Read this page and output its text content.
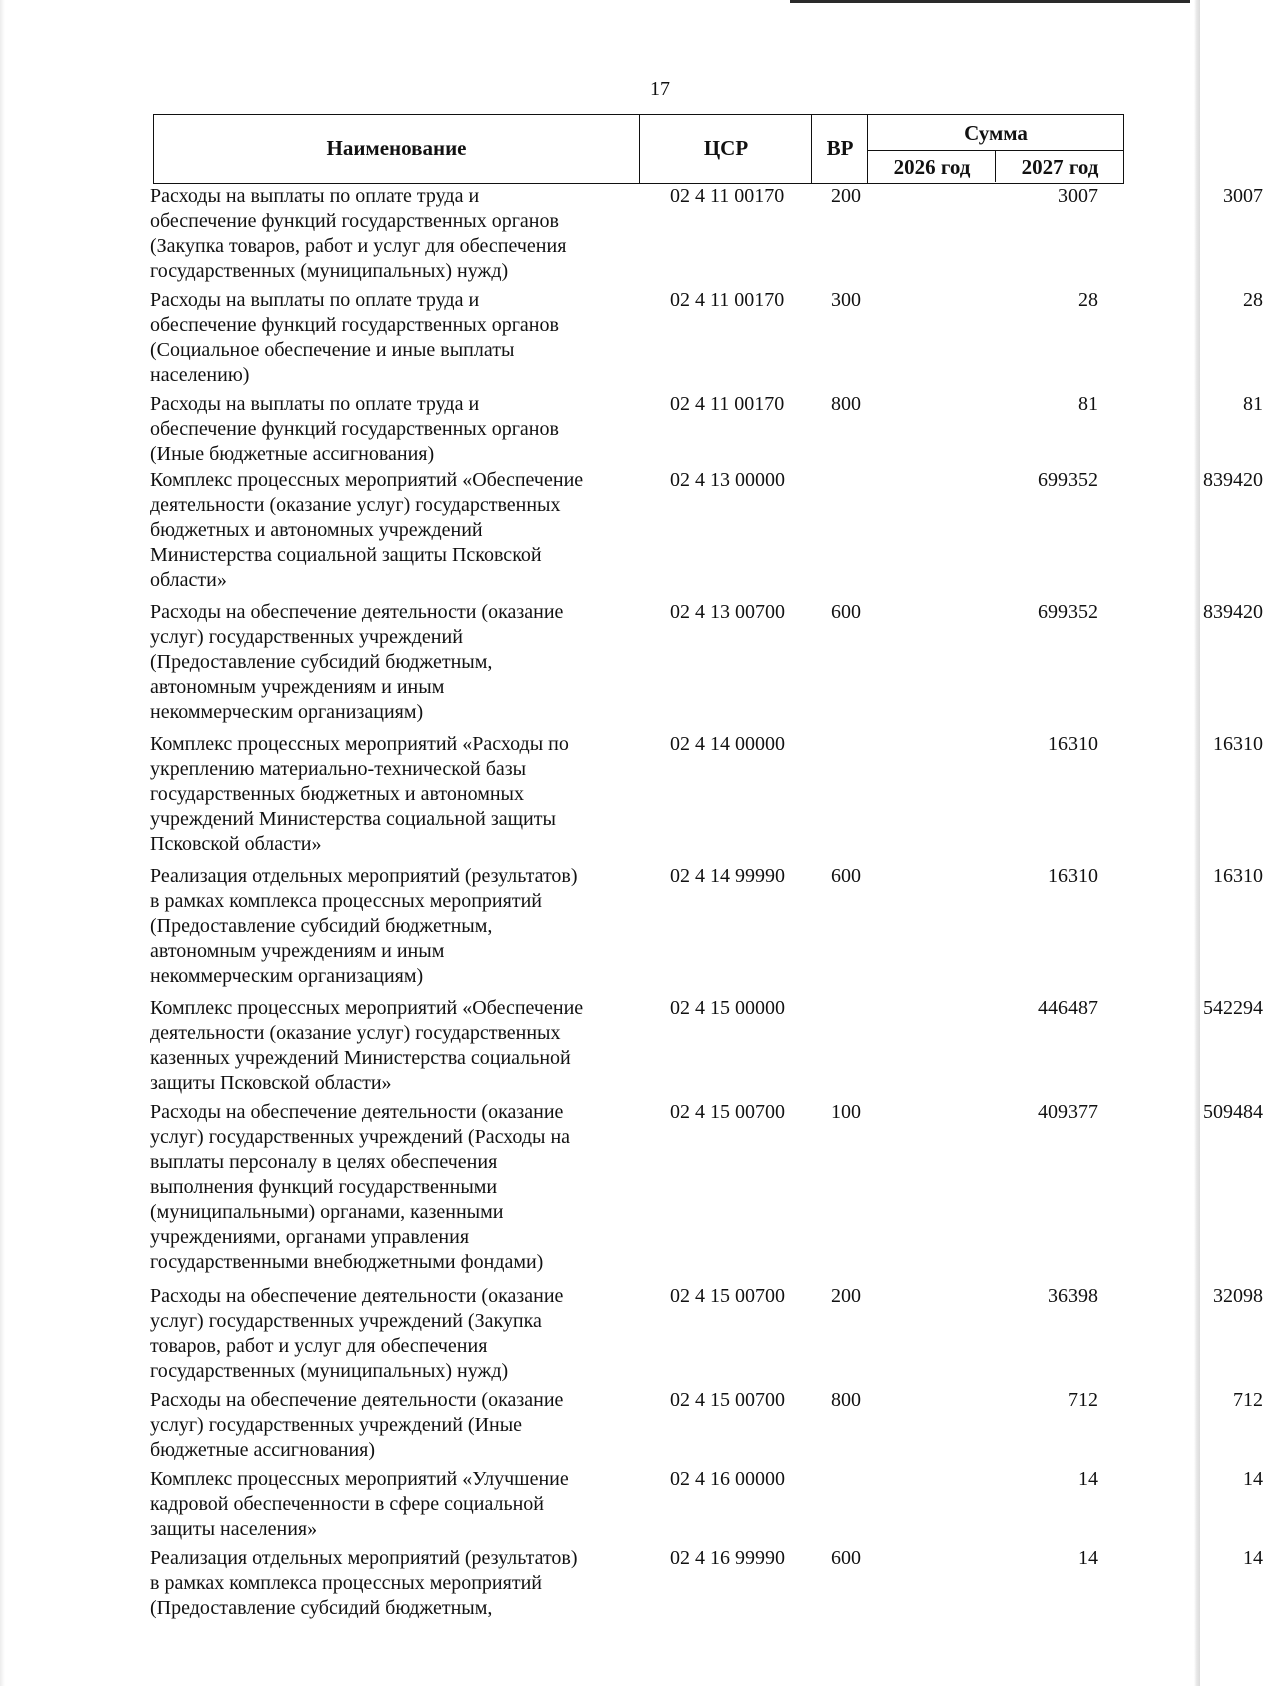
17
Наименование	ЦСР	ВР
Сумма
2026 год	2027 год
Расходы на выплаты по оплате труда и
обеспечение функций государственных органов
(Закупка товаров, работ и услуг для обеспечения
государственных (муниципальных) нужд)
02 4 11 00170 200	3007	3007
Расходы на выплаты по оплате труда и
обеспечение функций государственных органов
(Социальное обеспечение и иные выплаты
населению)
02 4 11 00170 300	28	28
Расходы на выплаты по оплате труда и
обеспечение функций государственных органов
(Иные бюджетные ассигнования)
02 4 11 00170 800	81	81
Комплекс процессных мероприятий «Обеспечение
деятельности (оказание услуг) государственных
бюджетных и автономных учреждений
Министерства социальной защиты Псковской
области»
02 4 13 00000	699352	839420
Расходы на обеспечение деятельности (оказание
услуг) государственных учреждений
(Предоставление субсидий бюджетным,
автономным учреждениям и иным
некоммерческим организациям)
02 4 13 00700 600	699352	839420
Комплекс процессных мероприятий «Расходы по
укреплению материально-технической базы
государственных бюджетных и автономных
учреждений Министерства социальной защиты
Псковской области»
02 4 14 00000	16310	16310
Реализация отдельных мероприятий (результатов)
в рамках комплекса процессных мероприятий
(Предоставление субсидий бюджетным,
автономным учреждениям и иным
некоммерческим организациям)
02 4 14 99990 600	16310	16310
Комплекс процессных мероприятий «Обеспечение
деятельности (оказание услуг) государственных
казенных учреждений Министерства социальной
защиты Псковской области»
02 4 15 00000	446487	542294
Расходы на обеспечение деятельности (оказание
услуг) государственных учреждений (Расходы на
выплаты персоналу в целях обеспечения
выполнения функций государственными
(муниципальными) органами, казенными
учреждениями, органами управления
государственными внебюджетными фондами)
02 4 15 00700 100	409377	509484
Расходы на обеспечение деятельности (оказание
услуг) государственных учреждений (Закупка
товаров, работ и услуг для обеспечения
государственных (муниципальных) нужд)
02 4 15 00700 200	36398	32098
Расходы на обеспечение деятельности (оказание
услуг) государственных учреждений (Иные
бюджетные ассигнования)
02 4 15 00700 800	712	712
Комплекс процессных мероприятий «Улучшение
кадровой обеспеченности в сфере социальной
защиты населения»
02 4 16 00000	14	14
Реализация отдельных мероприятий (результатов)
в рамках комплекса процессных мероприятий
(Предоставление субсидий бюджетным,
02 4 16 99990 600	14	14
